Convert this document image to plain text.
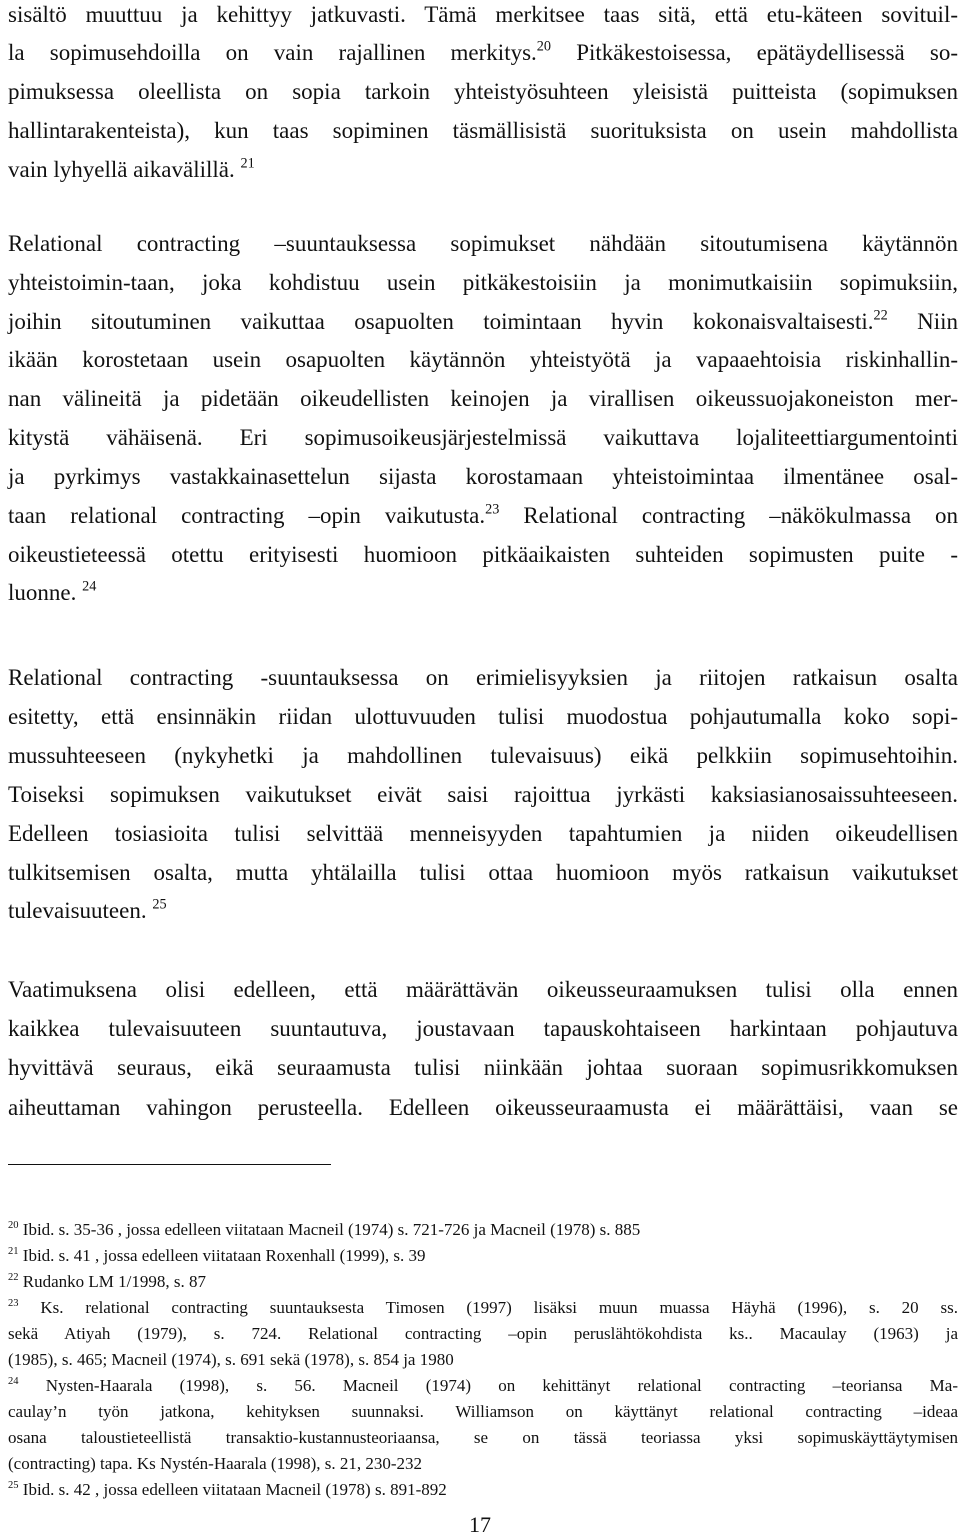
sisältö muuttuu ja kehittyy jatkuvasti. Tämä merkitsee taas sitä, että etu-käteen sovituil-

la sopimusehdoilla on vain rajallinen merkitys.$^{20}$ Pitkäkestoisessa, epätäydellisessä so-

pimuksessa oleellista on sopia tarkoin yhteistyösuhteen yleisistä puitteista (sopimuksen

hallintarakenteista), kun taas sopiminen täsmällisistä suorituksista on usein mahdollista

vain lyhyellä aikavälillä. $^{21}$

Relational contracting –suuntauksessa sopimukset nähdään sitoutumisena käytännön

yhteistoimin-taan, joka kohdistuu usein pitkäkestoisiin ja monimutkaisiin sopimuksiin,

joihin sitoutuminen vaikuttaa osapuolten toimintaan hyvin kokonaisvaltaisesti.$^{22}$ Niin

ikään korostetaan usein osapuolten käytännön yhteistyötä ja vapaaehtoisia riskinhallin-

nan välineitä ja pidetään oikeudellisten keinojen ja virallisen oikeussuojakoneiston mer-

kitystä vähäisenä. Eri sopimusoikeusjärjestelmissä vaikuttava lojaliteettiargumentointi

ja pyrkimys vastakkainasettelun sijasta korostamaan yhteistoimintaa ilmentänee osal-

taan relational contracting –opin vaikutusta.$^{23}$ Relational contracting –näkökulmassa on

oikeustieteessä otettu erityisesti huomioon pitkäaikaisten suhteiden sopimusten puite -

luonne. $^{24}$

Relational contracting -suuntauksessa on erimielisyyksien ja riitojen ratkaisun osalta

esitetty, että ensinnäkin riidan ulottuvuuden tulisi muodostua pohjautumalla koko sopi-

mussuhteeseen (nykyhetki ja mahdollinen tulevaisuus) eikä pelkkiin sopimusehtoihin.

Toiseksi sopimuksen vaikutukset eivät saisi rajoittua jyrkästi kaksiasianosaissuhteeseen.

Edelleen tosiasioita tulisi selvittää menneisyyden tapahtumien ja niiden oikeudellisen

tulkitsemisen osalta, mutta yhtälailla tulisi ottaa huomioon myös ratkaisun vaikutukset

tulevaisuuteen. $^{25}$

Vaatimuksena olisi edelleen, että määrättävän oikeusseuraamuksen tulisi olla ennen

kaikkea tulevaisuuteen suuntautuva, joustavaan tapauskohtaiseen harkintaan pohjautuva

hyvittävä seuraus, eikä seuraamusta tulisi niinkään johtaa suoraan sopimusrikkomuksen

aiheuttaman vahingon perusteella. Edelleen oikeusseuraamusta ei määrättäisi, vaan se

$^{20}$ Ibid. s. 35-36 , jossa edelleen viitataan Macneil (1974) s. 721-726 ja Macneil (1978) s. 885

$^{21}$ Ibid. s. 41 , jossa edelleen viitataan Roxenhall (1999), s. 39

$^{22}$ Rudanko LM 1/1998, s. 87

$^{23}$ Ks. relational contracting suuntauksesta Timosen (1997) lisäksi muun muassa Häyhä (1996), s. 20 ss.

sekä Atiyah (1979), s. 724. Relational contracting –opin peruslähtökohdista ks.. Macaulay (1963) ja

(1985), s. 465; Macneil (1974), s. 691 sekä (1978), s. 854 ja 1980

$^{24}$ Nysten-Haarala (1998), s. 56. Macneil (1974) on kehittänyt relational contracting –teoriansa Ma-

caulay’n työn jatkona, kehityksen suunnaksi. Williamson on käyttänyt relational contracting –ideaa

osana taloustieteellistä transaktio-kustannusteoriaansa, se on tässä teoriassa yksi sopimuskäyttäytymisen

(contracting) tapa. Ks Nystén-Haarala (1998), s. 21, 230-232

$^{25}$ Ibid. s. 42 , jossa edelleen viitataan Macneil (1978) s. 891-892

17
